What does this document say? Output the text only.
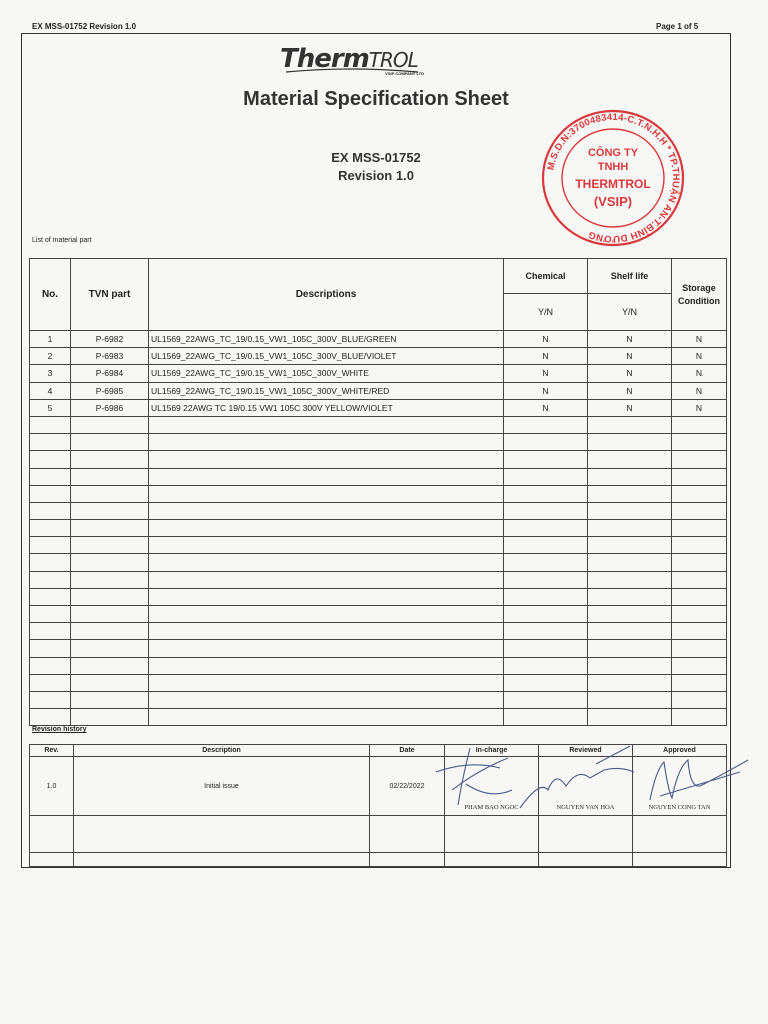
EX MSS-01752 Revision 1.0	Page 1 of 5
ThermTROL
VSIP COMPANY LTD
Material Specification Sheet
EX MSS-01752
Revision 1.0
M.S.D.N:3700483414-C.T.N.H.H * TP.THUẬN AN-T.BÌNH DƯƠNG
CÔNG TY
TNHH
THERMTROL
(VSIP)
List of material part
No.	TVN part	Descriptions	Chemical	Shelf life	Storage Condition
			Y/N	Y/N	
1	P-6982	UL1569_22AWG_TC_19/0.15_VW1_105C_300V_BLUE/GREEN	N	N	N
2	P-6983	UL1569_22AWG_TC_19/0.15_VW1_105C_300V_BLUE/VIOLET	N	N	N
3	P-6984	UL1569_22AWG_TC_19/0.15_VW1_105C_300V_WHITE	N	N	N
4	P-6985	UL1569_22AWG_TC_19/0.15_VW1_105C_300V_WHITE/RED	N	N	N
5	P-6986	UL1569 22AWG TC 19/0.15 VW1 105C 300V YELLOW/VIOLET	N	N	N

Revision history
Rev.	Description	Date	In-charge	Reviewed	Approved
1.0	Initial issue	02/22/2022	PHAM BAO NGOC	NGUYEN VAN HOA	NGUYEN CONG TAN
